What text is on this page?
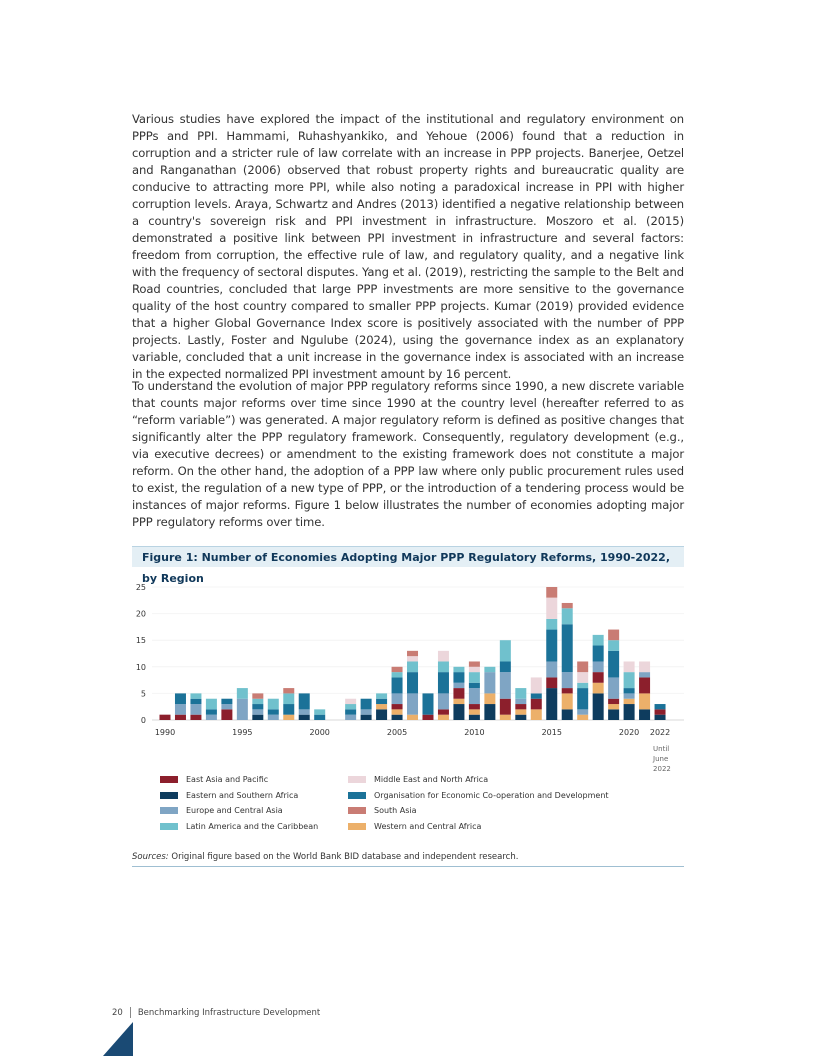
Various studies have explored the impact of the institutional and regulatory environment on PPPs and PPI. Hammami, Ruhashyankiko, and Yehoue (2006) found that a reduction in corruption and a stricter rule of law correlate with an increase in PPP projects. Banerjee, Oetzel and Ranganathan (2006) observed that robust property rights and bureaucratic quality are conducive to attracting more PPI, while also noting a paradoxical increase in PPI with higher corruption levels. Araya, Schwartz and Andres (2013) identified a negative relationship between a country's sovereign risk and PPI investment in infrastructure. Moszoro et al. (2015) demonstrated a positive link between PPI investment in infrastructure and several factors: freedom from corruption, the effective rule of law, and regulatory quality, and a negative link with the frequency of sectoral disputes. Yang et al. (2019), restricting the sample to the Belt and Road countries, concluded that large PPP investments are more sensitive to the governance quality of the host country compared to smaller PPP projects. Kumar (2019) provided evidence that a higher Global Governance Index score is positively associated with the number of PPP projects. Lastly, Foster and Ngulube (2024), using the governance index as an explanatory variable, concluded that a unit increase in the governance index is associated with an increase in the expected normalized PPI investment amount by 16 percent.

To understand the evolution of major PPP regulatory reforms since 1990, a new discrete variable that counts major reforms over time since 1990 at the country level (hereafter referred to as “reform variable”) was generated. A major regulatory reform is defined as positive changes that significantly alter the PPP regulatory framework. Consequently, regulatory development (e.g., via executive decrees) or amendment to the existing framework does not constitute a major reform. On the other hand, the adoption of a PPP law where only public procurement rules used to exist, the regulation of a new type of PPP, or the introduction of a tendering process would be instances of major reforms. Figure 1 below illustrates the number of economies adopting major PPP regulatory reforms over time.

Figure 1: Number of Economies Adopting Major PPP Regulatory Reforms, 1990-2022, by Region
0
5
10
15
20
25
1990	1995	2000	2005	2010	2015	2020 2022
Until
June
2022
Sources: Original figure based on the World Bank BID database and independent research.
20 Benchmarking Infrastructure Development
East Asia and Pacific	Middle East and North Africa
Eastern and Southern Africa	Organisation for Economic Co-operation and Development
Europe and Central Asia	South Asia
Latin America and the Caribbean	Western and Central Africa
